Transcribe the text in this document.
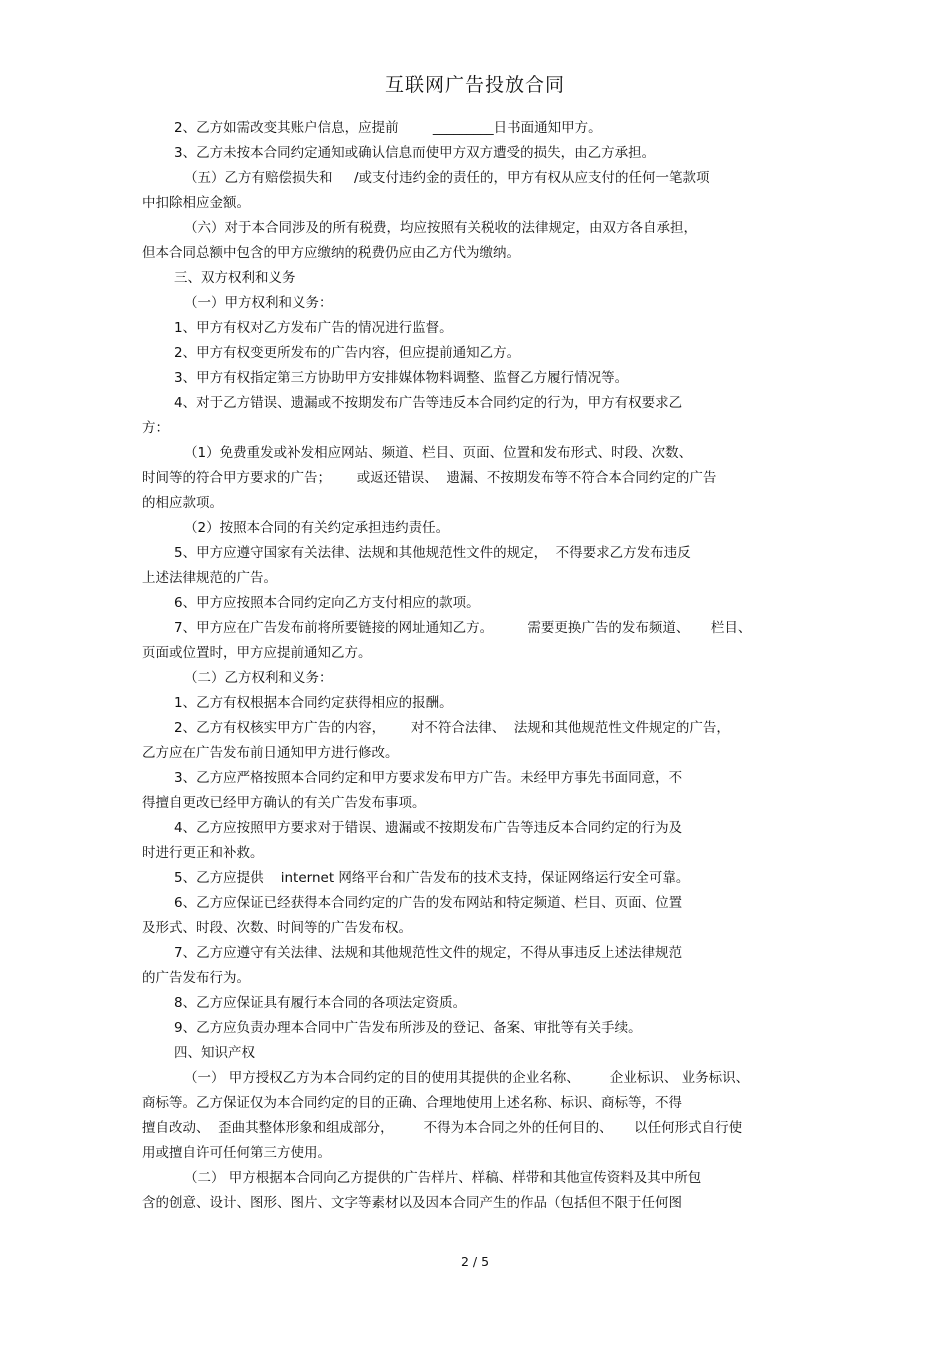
互联网广告投放合同
2、乙方如需改变其账户信息，应提前        _________日书面通知甲方。
3、乙方未按本合同约定通知或确认信息而使甲方双方遭受的损失，由乙方承担。
（五）乙方有赔偿损失和     /或支付违约金的责任的，甲方有权从应支付的任何一笔款项
中扣除相应金额。
（六）对于本合同涉及的所有税费，均应按照有关税收的法律规定，由双方各自承担，
但本合同总额中包含的甲方应缴纳的税费仍应由乙方代为缴纳。
三、双方权利和义务
（一）甲方权利和义务：
1、甲方有权对乙方发布广告的情况进行监督。
2、甲方有权变更所发布的广告内容，但应提前通知乙方。
3、甲方有权指定第三方协助甲方安排媒体物料调整、监督乙方履行情况等。
4、对于乙方错误、遗漏或不按期发布广告等违反本合同约定的行为，甲方有权要求乙
方：
（1）免费重发或补发相应网站、频道、栏目、页面、位置和发布形式、时段、次数、
时间等的符合甲方要求的广告；      或返还错误、  遗漏、不按期发布等不符合本合同约定的广告
的相应款项。
（2）按照本合同的有关约定承担违约责任。
5、甲方应遵守国家有关法律、法规和其他规范性文件的规定，  不得要求乙方发布违反
上述法律规范的广告。
6、甲方应按照本合同约定向乙方支付相应的款项。
7、甲方应在广告发布前将所要链接的网址通知乙方。        需要更换广告的发布频道、     栏目、
页面或位置时，甲方应提前通知乙方。
（二）乙方权利和义务：
1、乙方有权根据本合同约定获得相应的报酬。
2、乙方有权核实甲方广告的内容，      对不符合法律、  法规和其他规范性文件规定的广告，
乙方应在广告发布前日通知甲方进行修改。
3、乙方应严格按照本合同约定和甲方要求发布甲方广告。未经甲方事先书面同意，不
得擅自更改已经甲方确认的有关广告发布事项。
4、乙方应按照甲方要求对于错误、遗漏或不按期发布广告等违反本合同约定的行为及
时进行更正和补救。
5、乙方应提供    internet 网络平台和广告发布的技术支持，保证网络运行安全可靠。
6、乙方应保证已经获得本合同约定的广告的发布网站和特定频道、栏目、页面、位置
及形式、时段、次数、时间等的广告发布权。
7、乙方应遵守有关法律、法规和其他规范性文件的规定，不得从事违反上述法律规范
的广告发布行为。
8、乙方应保证具有履行本合同的各项法定资质。
9、乙方应负责办理本合同中广告发布所涉及的登记、备案、审批等有关手续。
四、知识产权
（一） 甲方授权乙方为本合同约定的目的使用其提供的企业名称、       企业标识、 业务标识、
商标等。乙方保证仅为本合同约定的目的正确、合理地使用上述名称、标识、商标等，不得
擅自改动、  歪曲其整体形象和组成部分，       不得为本合同之外的任何目的、     以任何形式自行使
用或擅自许可任何第三方使用。
（二） 甲方根据本合同向乙方提供的广告样片、样稿、样带和其他宣传资料及其中所包
含的创意、设计、图形、图片、文字等素材以及因本合同产生的作品（包括但不限于任何图
2 / 5
